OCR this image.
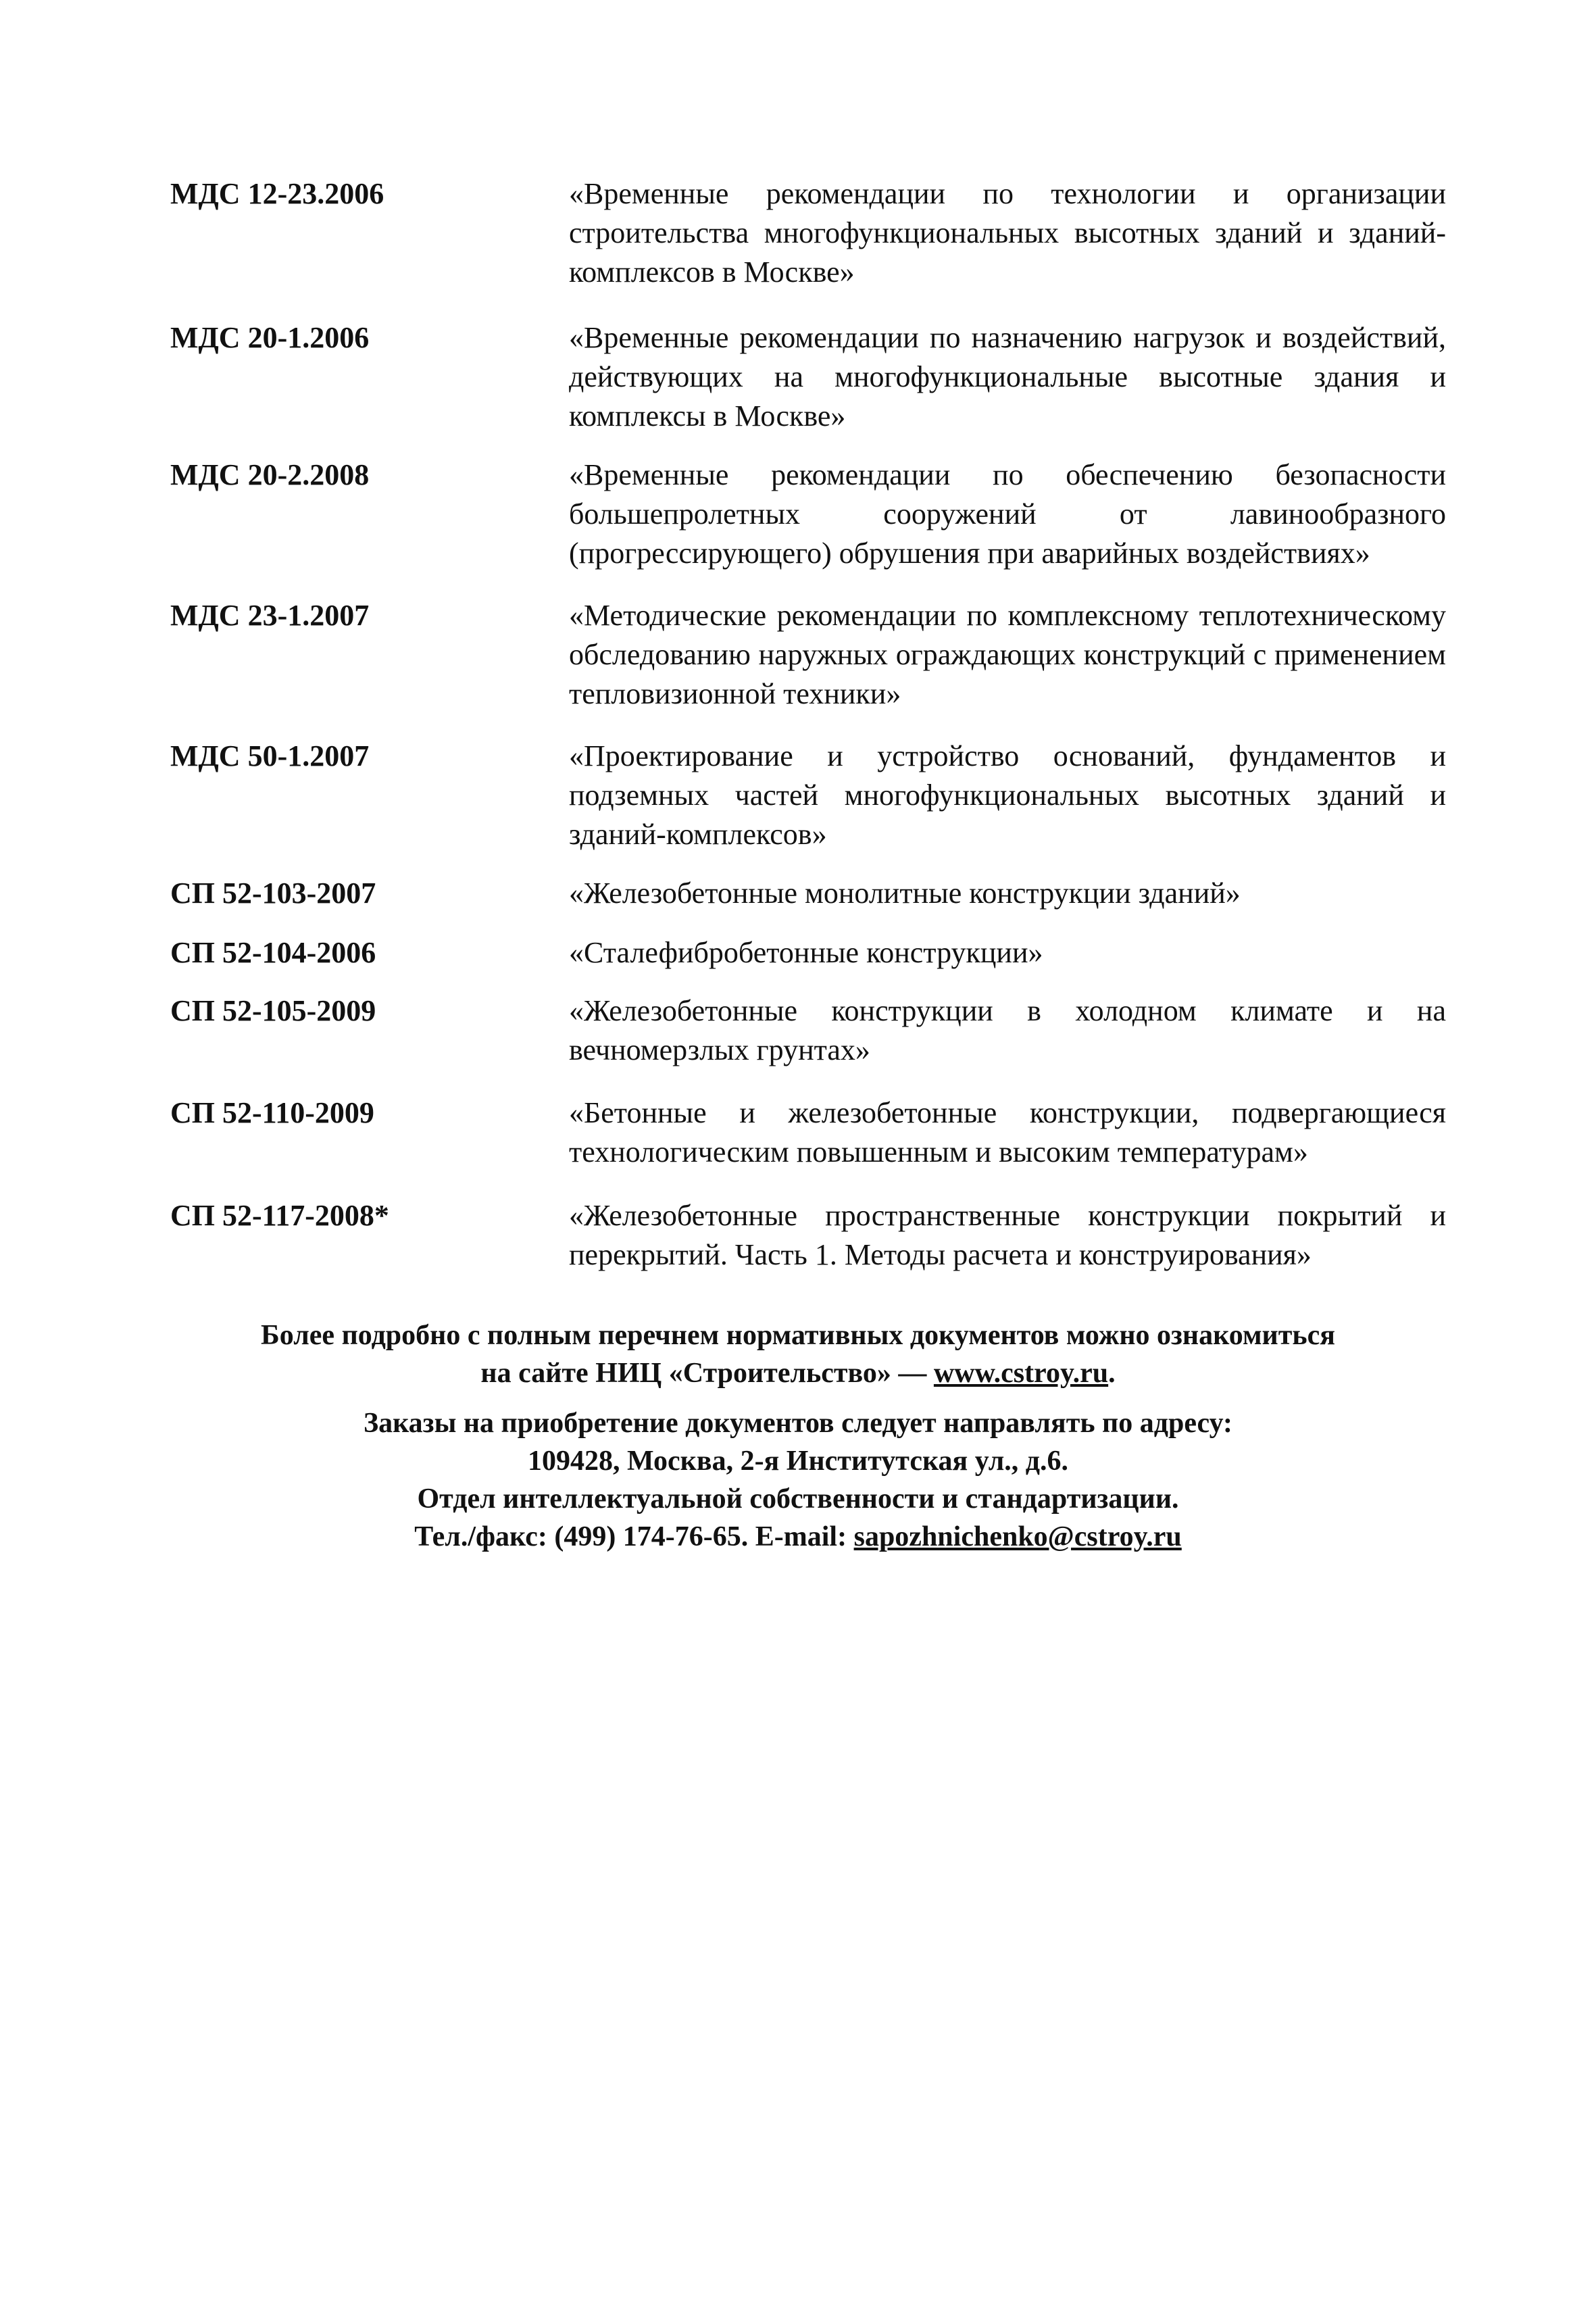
МДС 12-23.2006	«Временные рекомендации по технологии и организации строительства многофункциональных высотных зданий и зданий-комплексов в Москве»
МДС 20-1.2006	«Временные рекомендации по назначению нагрузок и воздействий, действующих на многофункциональные высотные здания и комплексы в Москве»
МДС 20-2.2008	«Временные рекомендации по обеспечению безопасности большепролетных сооружений от лавинообразного (прогрессирующего) обрушения при аварийных воздействиях»
МДС 23-1.2007	«Методические рекомендации по комплексному теплотехническому обследованию наружных ограждающих конструкций с применением тепловизионной техники»
МДС 50-1.2007	«Проектирование и устройство оснований, фундаментов и подземных частей многофункциональных высотных зданий и зданий-комплексов»
СП 52-103-2007	«Железобетонные монолитные конструкции зданий»
СП 52-104-2006	«Сталефибробетонные конструкции»
СП 52-105-2009	«Железобетонные конструкции в холодном климате и на вечномерзлых грунтах»
СП 52-110-2009	«Бетонные и железобетонные конструкции, подвергающиеся технологическим повышенным и высоким температурам»
СП 52-117-2008*	«Железобетонные пространственные конструкции покрытий и перекрытий. Часть 1. Методы расчета и конструирования»

Более подробно с полным перечнем нормативных документов можно ознакомиться

на сайте НИЦ «Строительство» — www.cstroy.ru.

Заказы на приобретение документов следует направлять по адресу:

109428, Москва, 2-я Институтская ул., д.6.

Отдел интеллектуальной собственности и стандартизации.

Тел./факс: (499) 174-76-65. E-mail: sapozhnichenko@cstroy.ru
